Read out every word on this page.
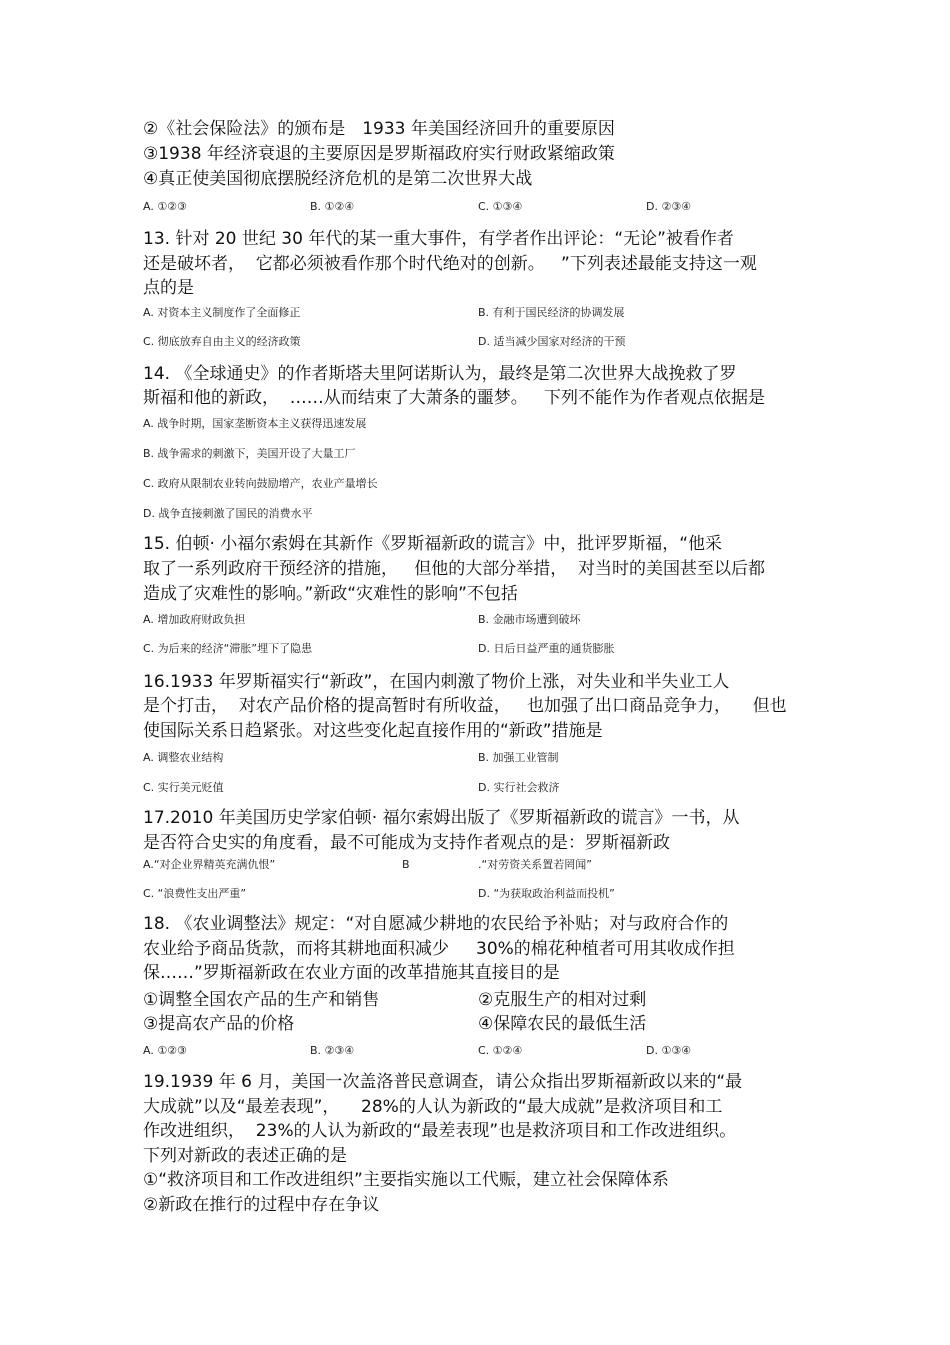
②《社会保险法》的颁布是　1933 年美国经济回升的重要原因
③1938 年经济衰退的主要原因是罗斯福政府实行财政紧缩政策
④真正使美国彻底摆脱经济危机的是第二次世界大战
A. ①②③	B. ①②④	C. ①③④	D. ②③④
13. 针对 20 世纪 30 年代的某一重大事件，有学者作出评论：“无论”被看作者
还是破坏者，  它都必须被看作那个时代绝对的创新。   ”下列表述最能支持这一观
点的是
A. 对资本主义制度作了全面修正	B. 有利于国民经济的协调发展
C. 彻底放弃自由主义的经济政策	D. 适当减少国家对经济的干预
14. 《全球通史》的作者斯塔夫里阿诺斯认为，最终是第二次世界大战挽救了罗
斯福和他的新政，  ……从而结束了大萧条的噩梦。   下列不能作为作者观点依据是
A. 战争时期，国家垄断资本主义获得迅速发展
B. 战争需求的刺激下，美国开设了大量工厂
C. 政府从限制农业转向鼓励增产，农业产量增长
D. 战争直接刺激了国民的消费水平
15. 伯顿· 小福尔索姆在其新作《罗斯福新政的谎言》中，批评罗斯福，“他采
取了一系列政府干预经济的措施，   但他的大部分举措，  对当时的美国甚至以后都
造成了灾难性的影响。”新政“灾难性的影响”不包括
A. 增加政府财政负担	B. 金融市场遭到破坏
C. 为后来的经济“滞胀”埋下了隐患	D. 日后日益严重的通货膨胀
16.1933 年罗斯福实行“新政”，在国内刺激了物价上涨，对失业和半失业工人
是个打击，  对农产品价格的提高暂时有所收益，   也加强了出口商品竞争力，    但也
使国际关系日趋紧张。对这些变化起直接作用的“新政”措施是
A. 调整农业结构	B. 加强工业管制
C. 实行美元贬值	D. 实行社会救济
17.2010 年美国历史学家伯顿· 福尔索姆出版了《罗斯福新政的谎言》一书，从
是否符合史实的角度看，最不可能成为支持作者观点的是：罗斯福新政
A.“对企业界精英充满仇恨”	B	.“对劳资关系置若罔闻”
C. “浪费性支出严重”	D. “为获取政治利益而投机”
18. 《农业调整法》规定：“对自愿减少耕地的农民给予补贴；对与政府合作的
农业给予商品货款，而将其耕地面积减少     30%的棉花种植者可用其收成作担
保……”罗斯福新政在农业方面的改革措施其直接目的是
①调整全国农产品的生产和销售	②克服生产的相对过剩
③提高农产品的价格	④保障农民的最低生活
A. ①②③	B. ②③④	C. ①②④	D. ①③④
19.1939 年 6 月，美国一次盖洛普民意调查，请公众指出罗斯福新政以来的“最
大成就”以及“最差表现”，    28%的人认为新政的“最大成就”是救济项目和工
作改进组织，  23%的人认为新政的“最差表现”也是救济项目和工作改进组织。
下列对新政的表述正确的是
①“救济项目和工作改进组织”主要指实施以工代赈，建立社会保障体系
②新政在推行的过程中存在争议
